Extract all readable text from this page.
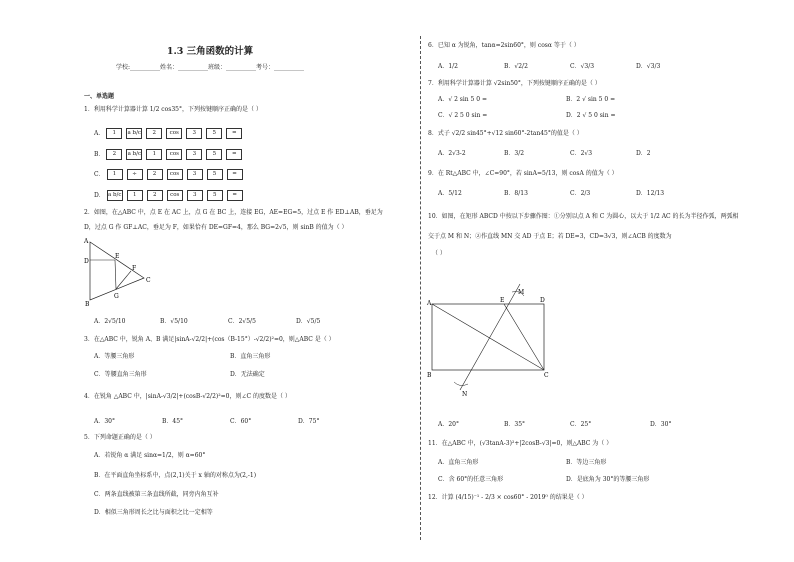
1.3 三角函数的计算
学校:__________姓名：__________班级：__________考号：__________
一、单选题
1．利用科学计算器计算 1/2 cos35°，下列按键顺序正确的是（ ）
A． 1 a b/c 2 cos 3	5	=
B． 2 a b/c 1 cos 3	5	=
C． 1	÷	2 cos 3	5	=
D． a b/c 1	2 cos 3	5	=
2．如图，在△ABC 中，点 E 在 AC 上，点 G 在 BC 上，连接 EG，AE=EG=5，过点 E 作 ED⊥AB，垂足为
D，过点 G 作 GF⊥AC，垂足为 F，如果恰有 DE=GF=4，那么 BG=2√5，则 sinB 的值为（ ）
A
D
E
F
C
G
B
A．2√5/10	B．√5/10	C．2√5/5	D．√5/5
3．在△ABC 中，锐角 A、B 满足|sinA-√2/2|+(cos（B-15°）-√2/2)²=0，则△ABC 是（ ）
A．等腰三角形	B．直角三角形
C．等腰直角三角形	D．无法确定
4．在锐角 △ABC 中，|sinA-√3/2|+(cosB-√2/2)²=0，则∠C 的度数是（ ）
A．30°	B．45°	C．60°	D．75°
5．下列命题正确的是（ ）
A．若锐角 α 满足 sinα=1/2，则 α=60°
B．在平面直角坐标系中，点(2,1)关于 x 轴的对称点为(2,-1)
C．两条直线被第三条直线所截，同旁内角互补
D．相似三角形周长之比与面积之比一定相等
6．已知 α 为锐角，tanα=2sin60°，则 cosα 等于（ ）
A．1/2	B．√2/2	C．√3/3	D．√3/3
7．利用科学计算器计算 √2sin50°，下列按键顺序正确的是（ ）
A．√ 2 sin 5 0 =	B．2 √ sin 5 0 =
C．√ 2 5 0 sin =	D．2 √ 5 0 sin =
8．式子 √2/2 sin45°+√12 sin60°-2tan45°的值是（ ）
A．2√3-2	B．3/2	C．2√3	D．2
9．在 Rt△ABC 中，∠C=90°，若 sinA=5/13，则 cosA 的值为（ ）
A．5/12	B．8/13	C．2/3	D．12/13
10．如图，在矩形 ABCD 中按以下步骤作图：①分别以点 A 和 C 为圆心，以大于 1/2 AC 的长为半径作弧，两弧相
交于点 M 和 N；②作直线 MN 交 AD 于点 E；若 DE=3，CD=3√3，则∠ACB 的度数为
（ ）
A	E	D
M
B	C
N
A．20°	B．35°	C．25°	D．30°
11．在△ABC 中，(√3tanA-3)²+|2cosB-√3|=0，则△ABC 为（ ）
A．直角三角形	B．等边三角形
C．含 60°的任意三角形	D．是底角为 30°的等腰三角形
12．计算 (4/15)⁻¹ - 2/3 × cos60° - 2019⁰ 的结果是（ ）
